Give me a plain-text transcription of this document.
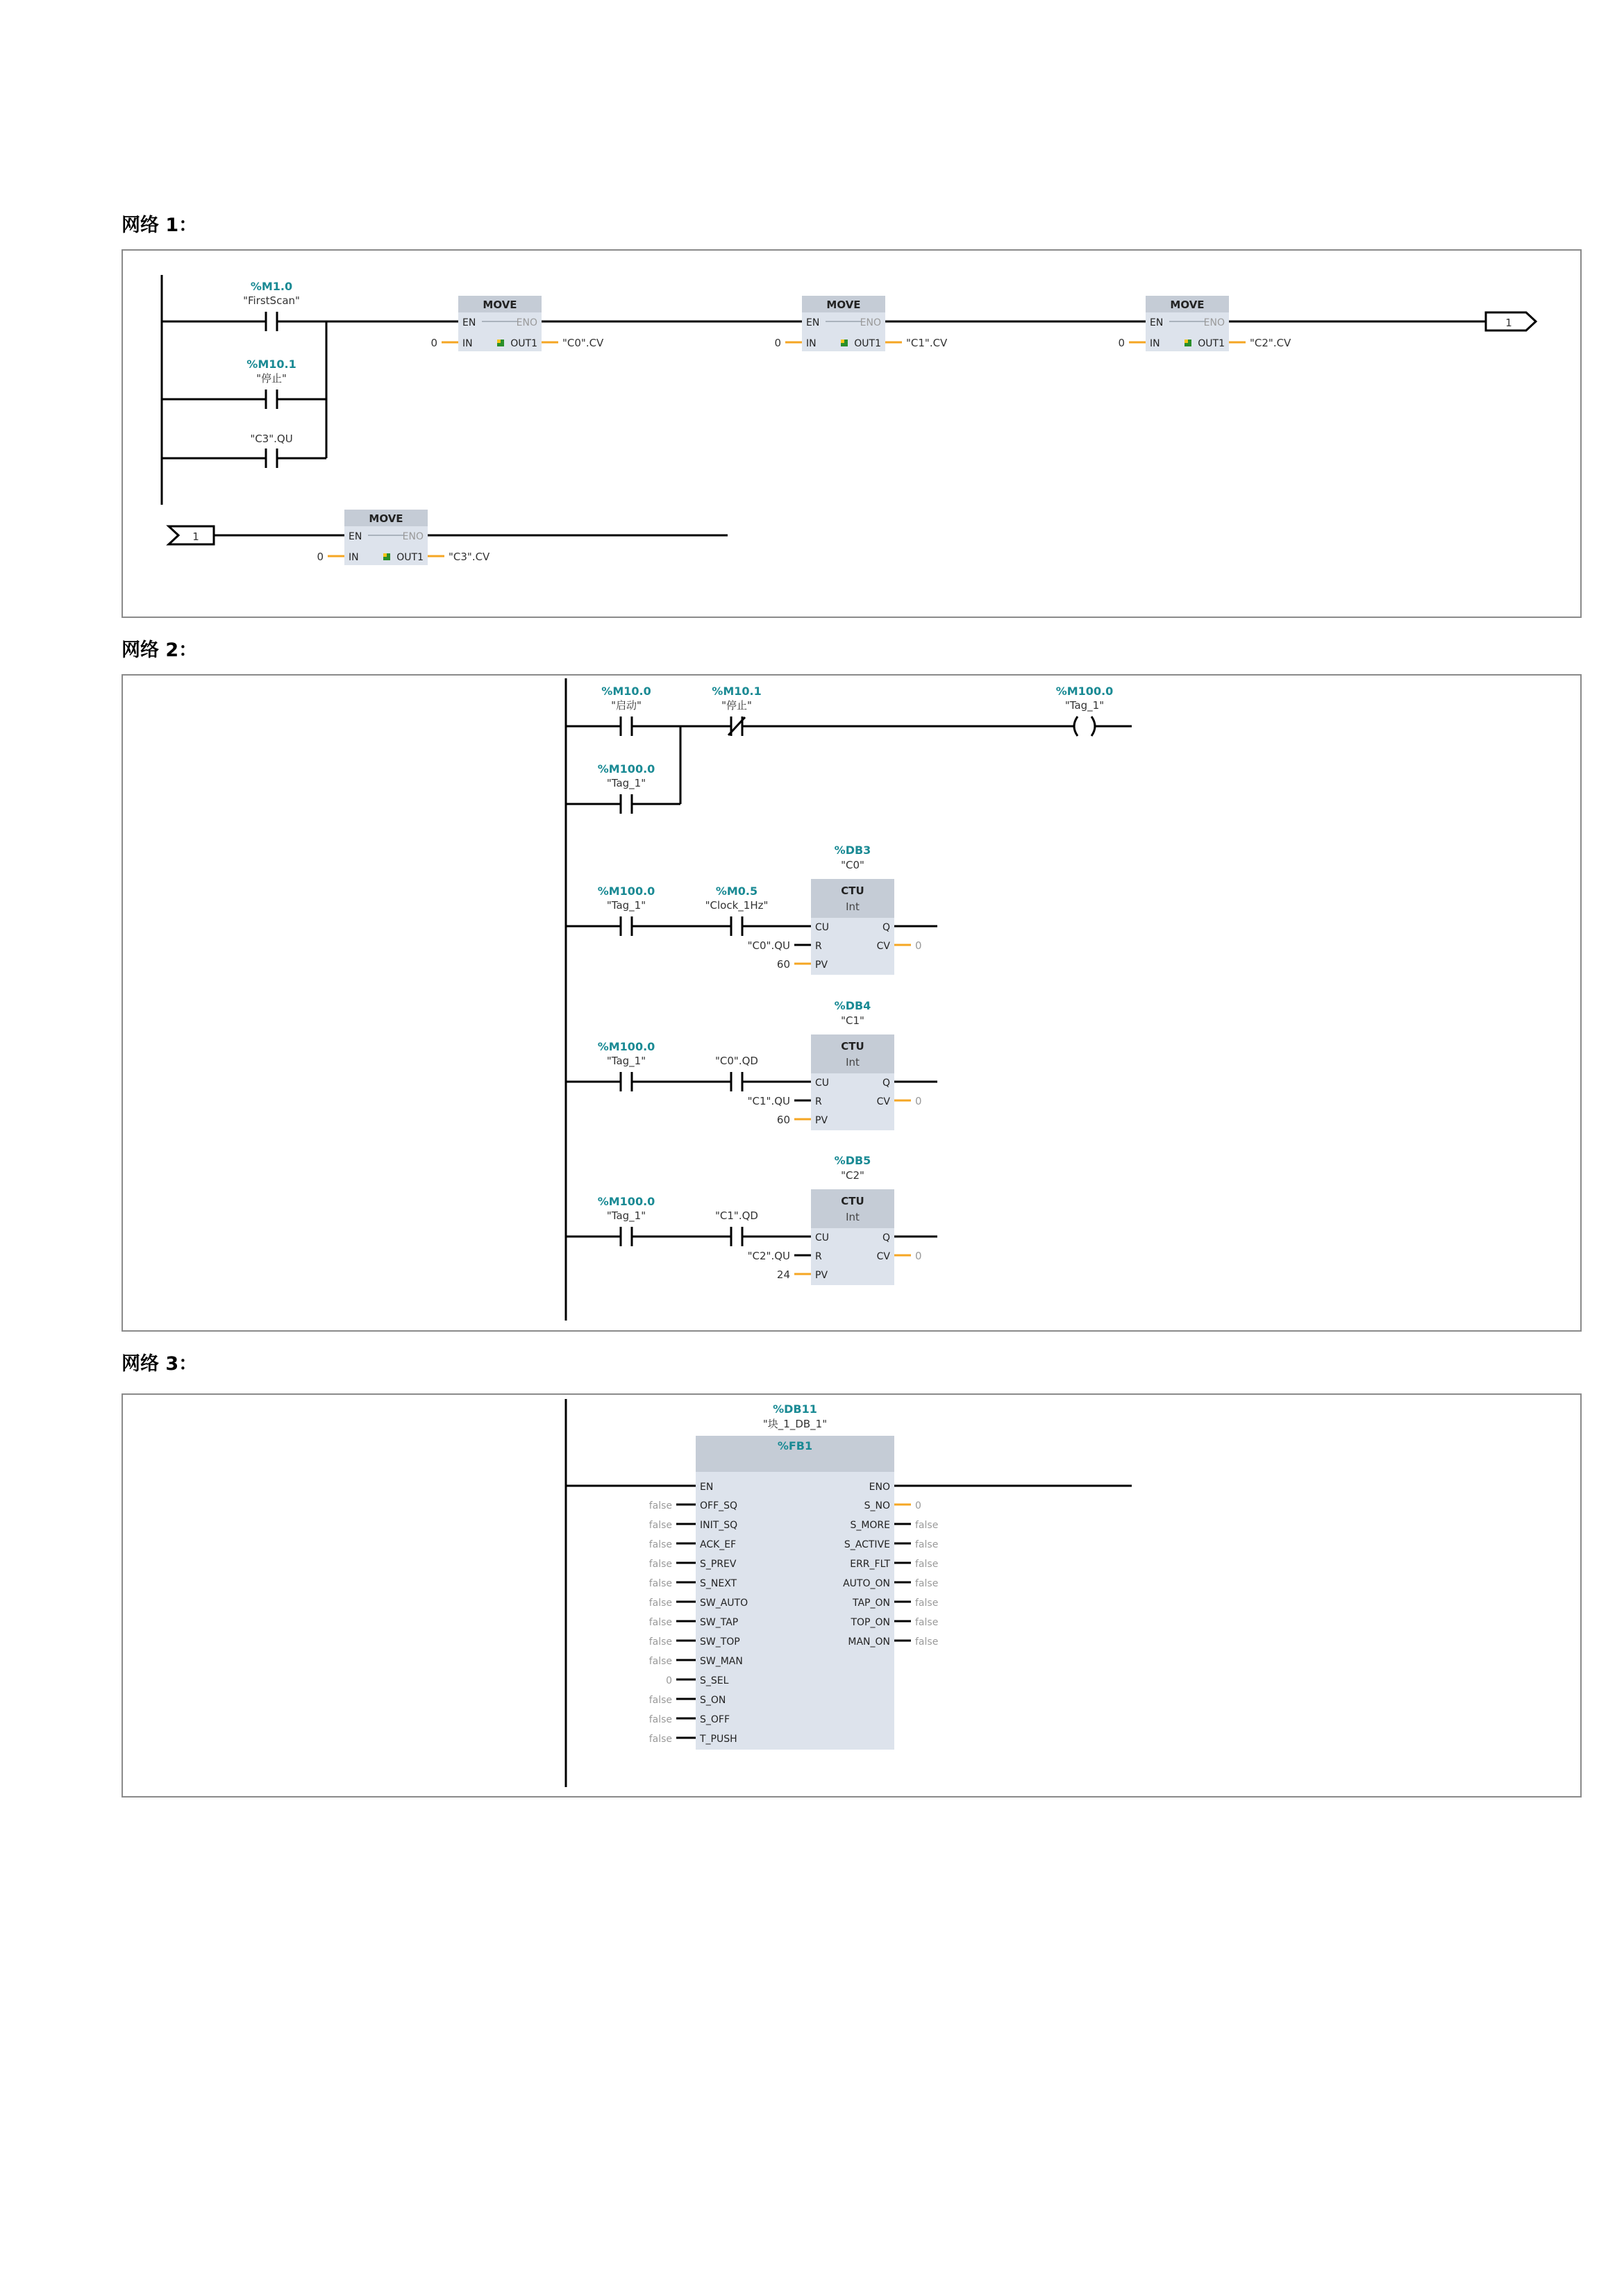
网络 1：
网络 2：
网络 3：
%M1.0
"FirstScan"
%M10.1
"停止"
"C3".QU
MOVE
EN	ENO
IN	OUT1
0	"C0".CV
MOVE
EN	ENO
IN	OUT1
0	"C1".CV
MOVE
EN	ENO
IN	OUT1
0	"C2".CV
1
1
MOVE
EN	ENO
IN	OUT1
0	"C3".CV
%M10.0
"启动"
%M10.1
"停止"
%M100.0
"Tag_1"
%M100.0
"Tag_1"
%M100.0
"Tag_1"
%M0.5
"Clock_1Hz"
%DB3
"C0"
CTU
Int
CU	Q
R	CV
PV
"C0".QU
60
0
%M100.0
"Tag_1"	"C0".QD
%DB4
"C1"
CTU
Int
CU	Q
R	CV
PV
"C1".QU
60
0
%M100.0
"Tag_1"	"C1".QD
%DB5
"C2"
CTU
Int
CU	Q
R	CV
PV
"C2".QU
24
0
%DB11
"块_1_DB_1"
%FB1
EN	ENO
OFF_SQ
false
INIT_SQ
false
ACK_EF
false
S_PREV
false
S_NEXT
false
SW_AUTO
false
SW_TAP
false
SW_TOP
false
SW_MAN
false
S_SEL
0
S_ON
false
S_OFF
false
T_PUSH
false
S_NO	0
S_MORE	false
S_ACTIVE	false
ERR_FLT	false
AUTO_ON	false
TAP_ON	false
TOP_ON	false
MAN_ON	false
